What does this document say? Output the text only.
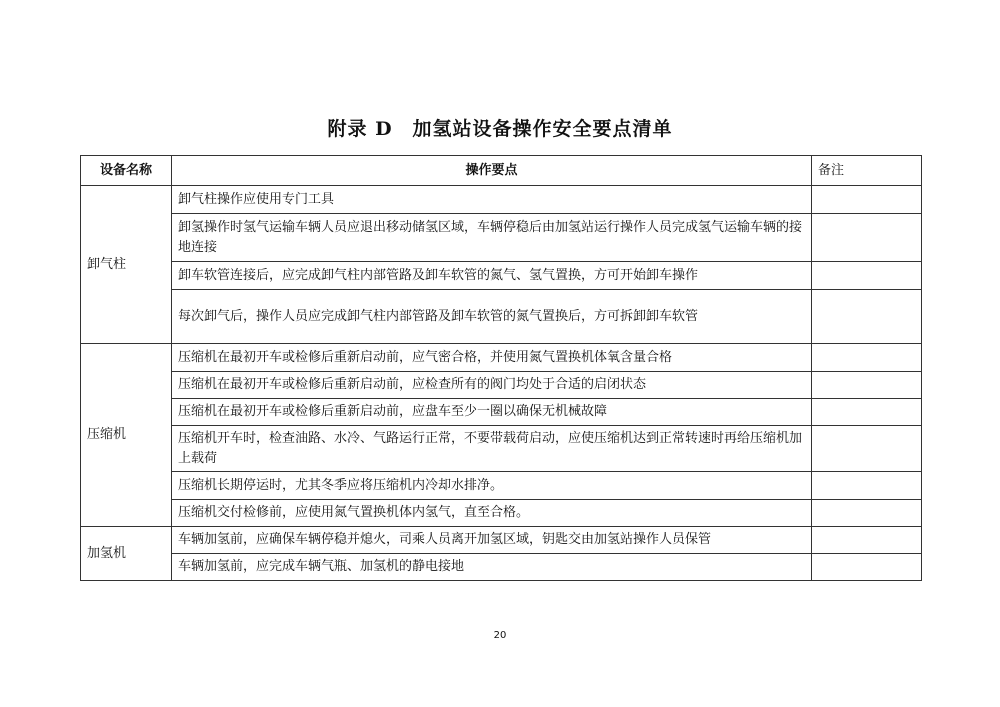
附录 D　加氢站设备操作安全要点清单
设备名称	操作要点	备注
卸气柱	卸气柱操作应使用专门工具	
	卸氢操作时氢气运输车辆人员应退出移动储氢区域，车辆停稳后由加氢站运行操作人员完成氢气运输车辆的接地连接	
	卸车软管连接后，应完成卸气柱内部管路及卸车软管的氮气、氢气置换，方可开始卸车操作	
	每次卸气后，操作人员应完成卸气柱内部管路及卸车软管的氮气置换后，方可拆卸卸车软管	
压缩机	压缩机在最初开车或检修后重新启动前，应气密合格，并使用氮气置换机体氧含量合格	
	压缩机在最初开车或检修后重新启动前，应检查所有的阀门均处于合适的启闭状态	
	压缩机在最初开车或检修后重新启动前，应盘车至少一圈以确保无机械故障	
	压缩机开车时，检查油路、水冷、气路运行正常，不要带载荷启动，应使压缩机达到正常转速时再给压缩机加上载荷	
	压缩机长期停运时，尤其冬季应将压缩机内冷却水排净。	
	压缩机交付检修前，应使用氮气置换机体内氢气，直至合格。	
加氢机	车辆加氢前，应确保车辆停稳并熄火，司乘人员离开加氢区域，钥匙交由加氢站操作人员保管	
	车辆加氢前，应完成车辆气瓶、加氢机的静电接地	
20
